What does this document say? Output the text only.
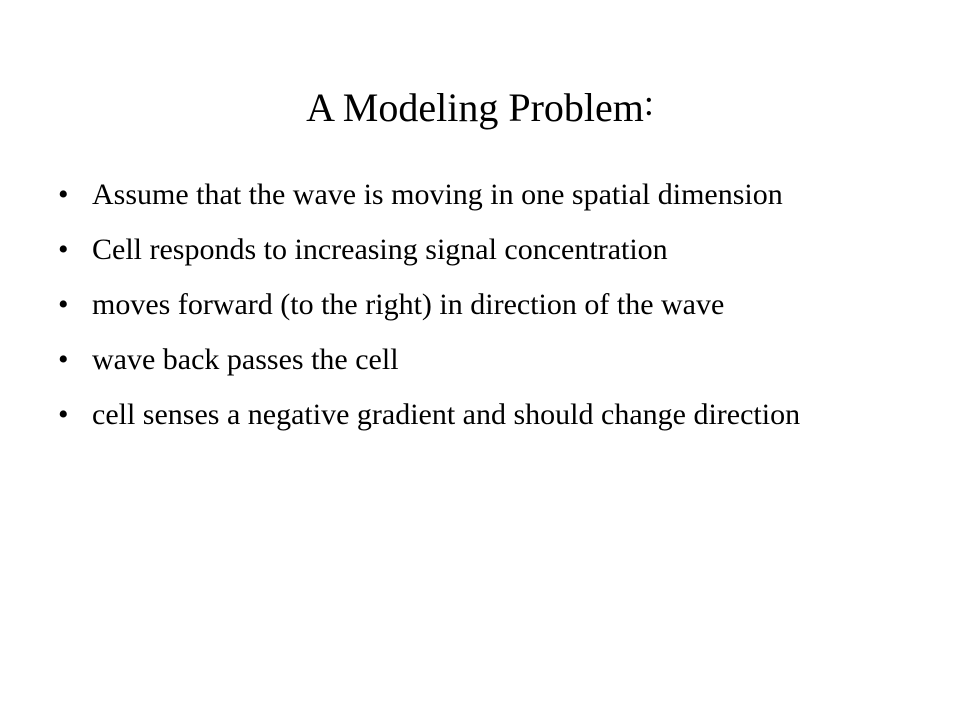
A Modeling Problem:
• Assume that the wave is moving in one spatial dimension
• Cell responds to increasing signal concentration
• moves forward (to the right) in direction of the wave
• wave back passes the cell
• cell senses a negative gradient and should change direction
